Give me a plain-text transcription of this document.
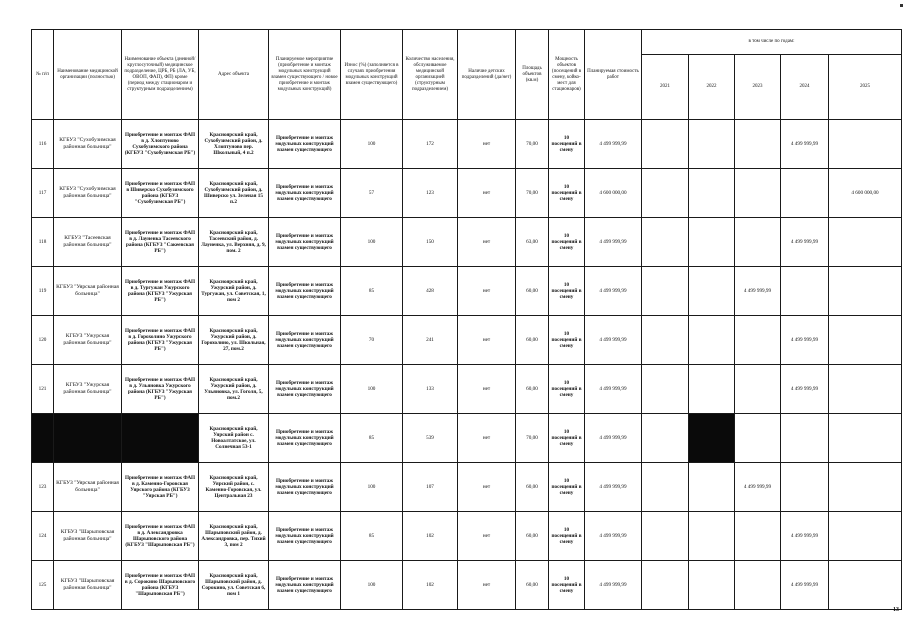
№ п/п	Наименование медицинской организации (полностью)	Наименование объекта (дневной/круглосуточный) медицинское подразделение, ЦРБ, РБ (ЛА, УБ, ОВОП, ФАП), ФП) кроме (период между стационаром и структурным подразделением)	Адрес объекта	Планируемое мероприятие (приобретение и монтаж модульных конструкций взамен существующего / новое приобретение и монтаж модульных конструкций)	Износ (%) (заполняется в случаях приобретения модульных конструкций взамен существующего)	Количество населения, обслуживаемое медицинской организацией (структурным подразделением)	Наличие детских подразделений (да/нет)	Площадь объектов (кв.м)	Мощность объектов (посещений в смену, койко-мест для стационаров)	Планируемая стоимость работ	в том числе по годам:				
											2021	2022	2023	2024	2025
116	КГБУЗ "Сухобузимская районная больница"	Приобретение и монтаж ФАП в д. Хлоптуново Сухобузимского района (КГБУЗ "Сухобузимская РБ")	Красноярский край, Сухобузимский район, д. Хлоптуново пер. Школьный, 4 п.2	Приобретение и монтаж модульных конструкций взамен существующего	100	172	нет	70,00	10 посещений в смену	4 499 999,99				4 499 999,99	
117	КГБУЗ "Сухобузимская районная больница"	Приобретение и монтаж ФАП в Шиверско Сухобузимского района (КГБУЗ "Сухобузимская РБ")	Красноярский край, Сухобузимский район, д. Шиверско ул. Зеленая 15 п.2	Приобретение и монтаж модульных конструкций взамен существующего	57	123	нет	70,00	10 посещений в смену	4 600 000,00					4 600 000,00
118	КГБУЗ "Тасеевская районная больница"	Приобретение и монтаж ФАП в д. Лауненка Тасеевского района (КГБУЗ "Сакеевская РБ")	Красноярский край, Тасеевский район, д. Лауненка, ул. Верхняя, д. 9, пом. 2	Приобретение и монтаж модульных конструкций взамен существующего	100	150	нет	63,00	10 посещений в смену	4 499 999,99				4 499 999,99	
119	КГБУЗ "Уярская районная больница"	Приобретение и монтаж ФАП в д. Тургужан Ужурского района (КГБУЗ "Ужурская РБ")	Красноярский край, Ужурский район, д. Тургужан, ул. Советская, 1, пом 2	Приобретение и монтаж модульных конструкций взамен существующего	85	428	нет	60,00	10 посещений в смену	4 499 999,99			4 499 999,99		
120	КГБУЗ "Ужурская районная больница"	Приобретение и монтаж ФАП в д. Горохолино Ужурского района (КГБУЗ "Ужурская РБ")	Красноярский край, Ужурский район, д. Горохолино, ул. Школьная, 27, пом.2	Приобретение и монтаж модульных конструкций взамен существующего	70	241	нет	60,00	10 посещений в смену	4 499 999,99				4 499 999,99	
121	КГБУЗ "Ужурская районная больница"	Приобретение и монтаж ФАП в д. Ульяновка Ужурского района (КГБУЗ "Ужурская РБ")	Красноярский край, Ужурский район, д. Ульяновка, ул. Гоголя, 5, пом.2	Приобретение и монтаж модульных конструкций взамен существующего	100	133	нет	60,00	10 посещений в смену	4 499 999,99				4 499 999,99	
			Красноярский край, Уярский район с. Новоалтатское, ул. Солнечная 53-1	Приобретение и монтаж модульных конструкций взамен существующего	85	539	нет	70,00	10 посещений в смену	4 499 999,99					
123	КГБУЗ "Уярская районная больница"	Приобретение и монтаж ФАП в д. Каменно-Горовская Уярского района (КГБУЗ "Уярская РБ")	Красноярский край, Уярский район, с. Каменно-Горовская, ул. Центральная 23	Приобретение и монтаж модульных конструкций взамен существующего	100	107	нет	60,00	10 посещений в смену	4 499 999,99			4 499 999,99		
124	КГБУЗ "Шарыповская районная больница"	Приобретение и монтаж ФАП в д. Александровка Шарыповского района (КГБУЗ "Шарыповская РБ")	Красноярский край, Шарыповский район, д. Александровка, пер. Тихий 3, пом 2	Приобретение и монтаж модульных конструкций взамен существующего	85	102	нет	60,00	10 посещений в смену	4 499 999,99				4 499 999,99	
125	КГБУЗ "Шарыповская районная больница"	Приобретение и монтаж ФАП в д. Сорокино Шарыповского района (КГБУЗ "Шарыповская РБ")	Красноярский край, Шарыповский район, д. Сорокино, ул. Советская 6, пом 1	Приобретение и монтаж модульных конструкций взамен существующего	100	102	нет	60,00	10 посещений в смену	4 499 999,99				4 499 999,99	
13
